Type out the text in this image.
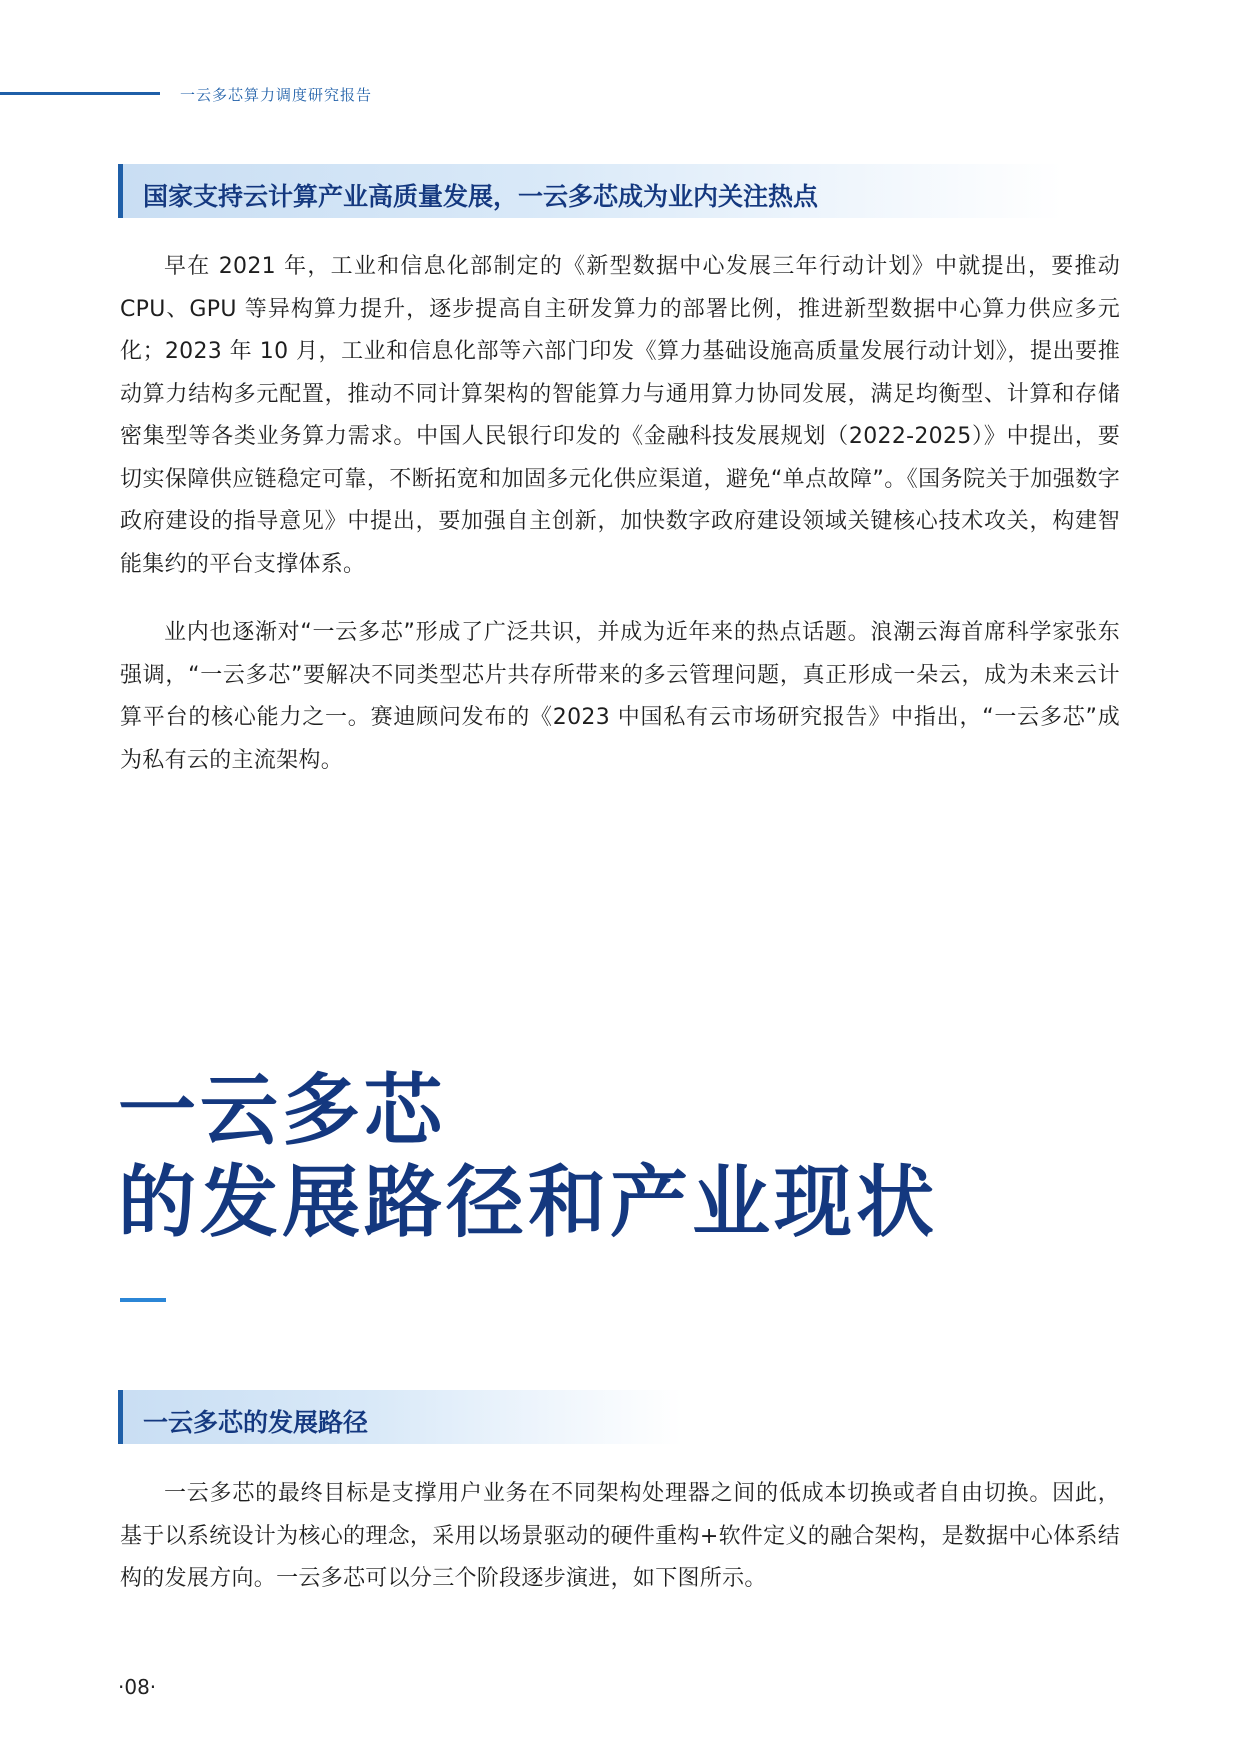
一云多芯算力调度研究报告
国家支持云计算产业高质量发展，一云多芯成为业内关注热点

早在 2021 年，工业和信息化部制定的《新型数据中心发展三年行动计划》中就提出，要推动 CPU、GPU 等异构算力提升，逐步提高自主研发算力的部署比例，推进新型数据中心算力供应多元化；2023 年 10 月，工业和信息化部等六部门印发《算力基础设施高质量发展行动计划》，提出要推动算力结构多元配置，推动不同计算架构的智能算力与通用算力协同发展，满足均衡型、计算和存储密集型等各类业务算力需求。中国人民银行印发的《金融科技发展规划（2022-2025）》中提出，要切实保障供应链稳定可靠，不断拓宽和加固多元化供应渠道，避免“单点故障”。《国务院关于加强数字政府建设的指导意见》中提出，要加强自主创新，加快数字政府建设领域关键核心技术攻关，构建智能集约的平台支撑体系。

业内也逐渐对“一云多芯”形成了广泛共识，并成为近年来的热点话题。浪潮云海首席科学家张东强调，“一云多芯”要解决不同类型芯片共存所带来的多云管理问题，真正形成一朵云，成为未来云计算平台的核心能力之一。赛迪顾问发布的《2023 中国私有云市场研究报告》中指出，“一云多芯”成为私有云的主流架构。

一云多芯
的发展路径和产业现状
一云多芯的发展路径

一云多芯的最终目标是支撑用户业务在不同架构处理器之间的低成本切换或者自由切换。因此，基于以系统设计为核心的理念，采用以场景驱动的硬件重构+软件定义的融合架构，是数据中心体系结构的发展方向。一云多芯可以分三个阶段逐步演进，如下图所示。

·08·
